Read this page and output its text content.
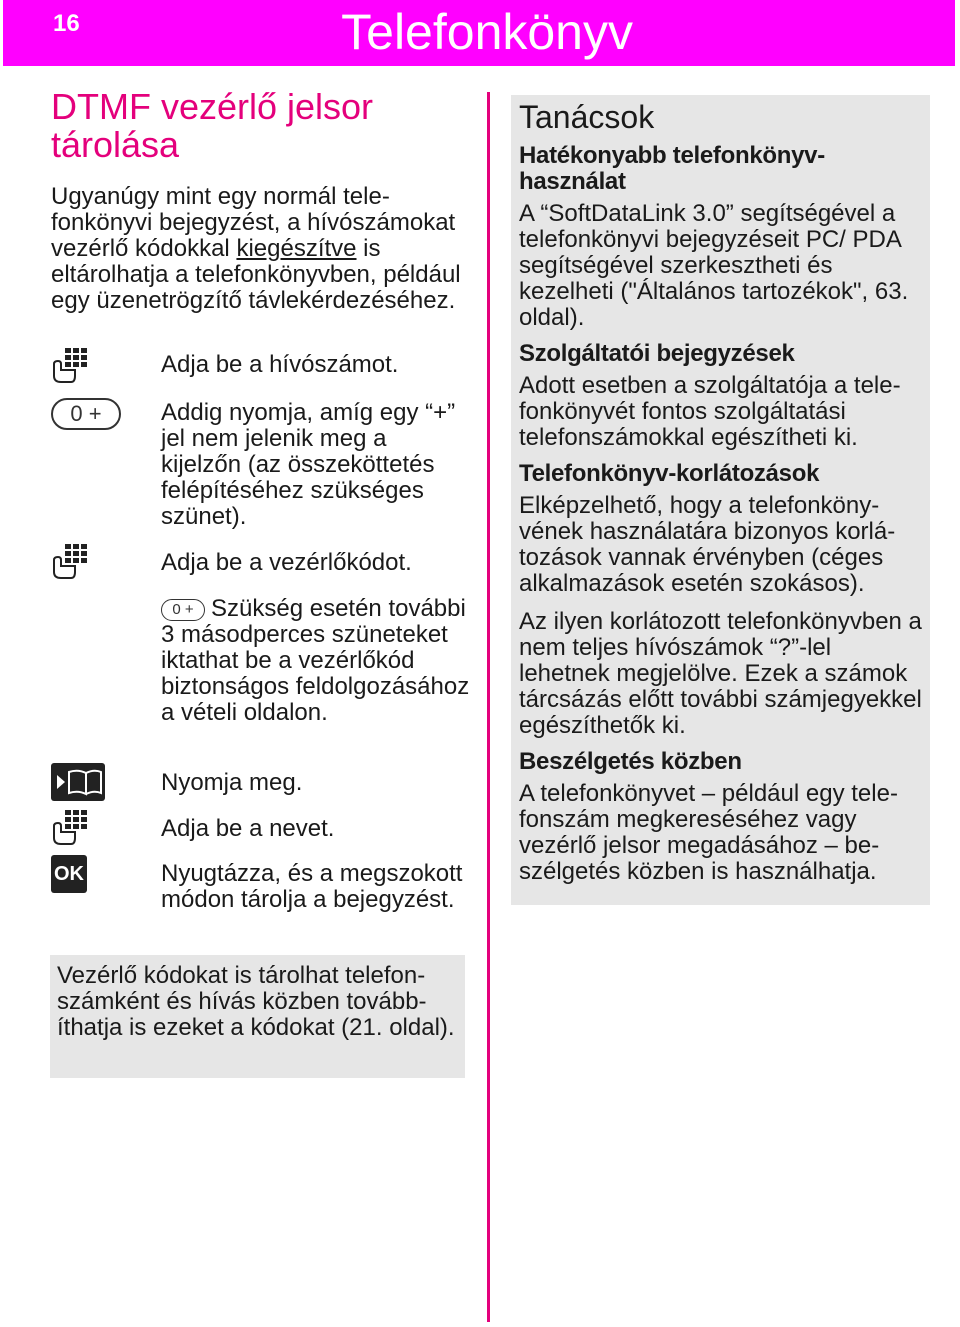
16	Telefonkönyv
DTMF vezérlő jelsor tárolása

Ugyanúgy mint egy normál telefonkönyvi bejegyzést, a hívószámokat vezérlő kódokkal kiegészítve is eltárolhatja a telefonkönyvben, például egy üzenetrögzítő távlekérdezéséhez.

Adja be a hívószámot.
0 +	Addig nyomja, amíg egy “+” jel nem jelenik meg a kijelzőn (az összeköttetés felépítéséhez szükséges szünet).
Adja be a vezérlőkódot.
0 + Szükség esetén további 3 másodperces szüneteket iktathat be a vezérlőkód biztonságos feldolgozásához a vételi oldalon.
Nyomja meg.
Adja be a nevet.
OK	Nyugtázza, és a megszokott módon tárolja a bejegyzést.
Vezérlő kódokat is tárolhat telefonszámként és hívás közben továbbíthatja is ezeket a kódokat (21. oldal).
Tanácsok
Hatékonyabb telefonkönyv-használat

A “SoftDataLink 3.0” segítségével a telefonkönyvi bejegyzéseit PC/ PDA segítségével szerkesztheti és kezelheti ("Általános tartozékok", 63. oldal).

Szolgáltatói bejegyzések

Adott esetben a szolgáltatója a telefonkönyvét fontos szolgáltatási telefonszámokkal egészítheti ki.

Telefonkönyv-korlátozások

Elképzelhető, hogy a telefonkönyvének használatára bizonyos korlátozások vannak érvényben (céges alkalmazások esetén szokásos).

Az ilyen korlátozott telefonkönyvben a nem teljes hívószámok “?”-lel lehetnek megjelölve. Ezek a számok tárcsázás előtt további számjegyekkel egészíthetők ki.

Beszélgetés közben

A telefonkönyvet – például egy telefonszám megkereséséhez vagy vezérlő jelsor megadásához – beszélgetés közben is használhatja.
